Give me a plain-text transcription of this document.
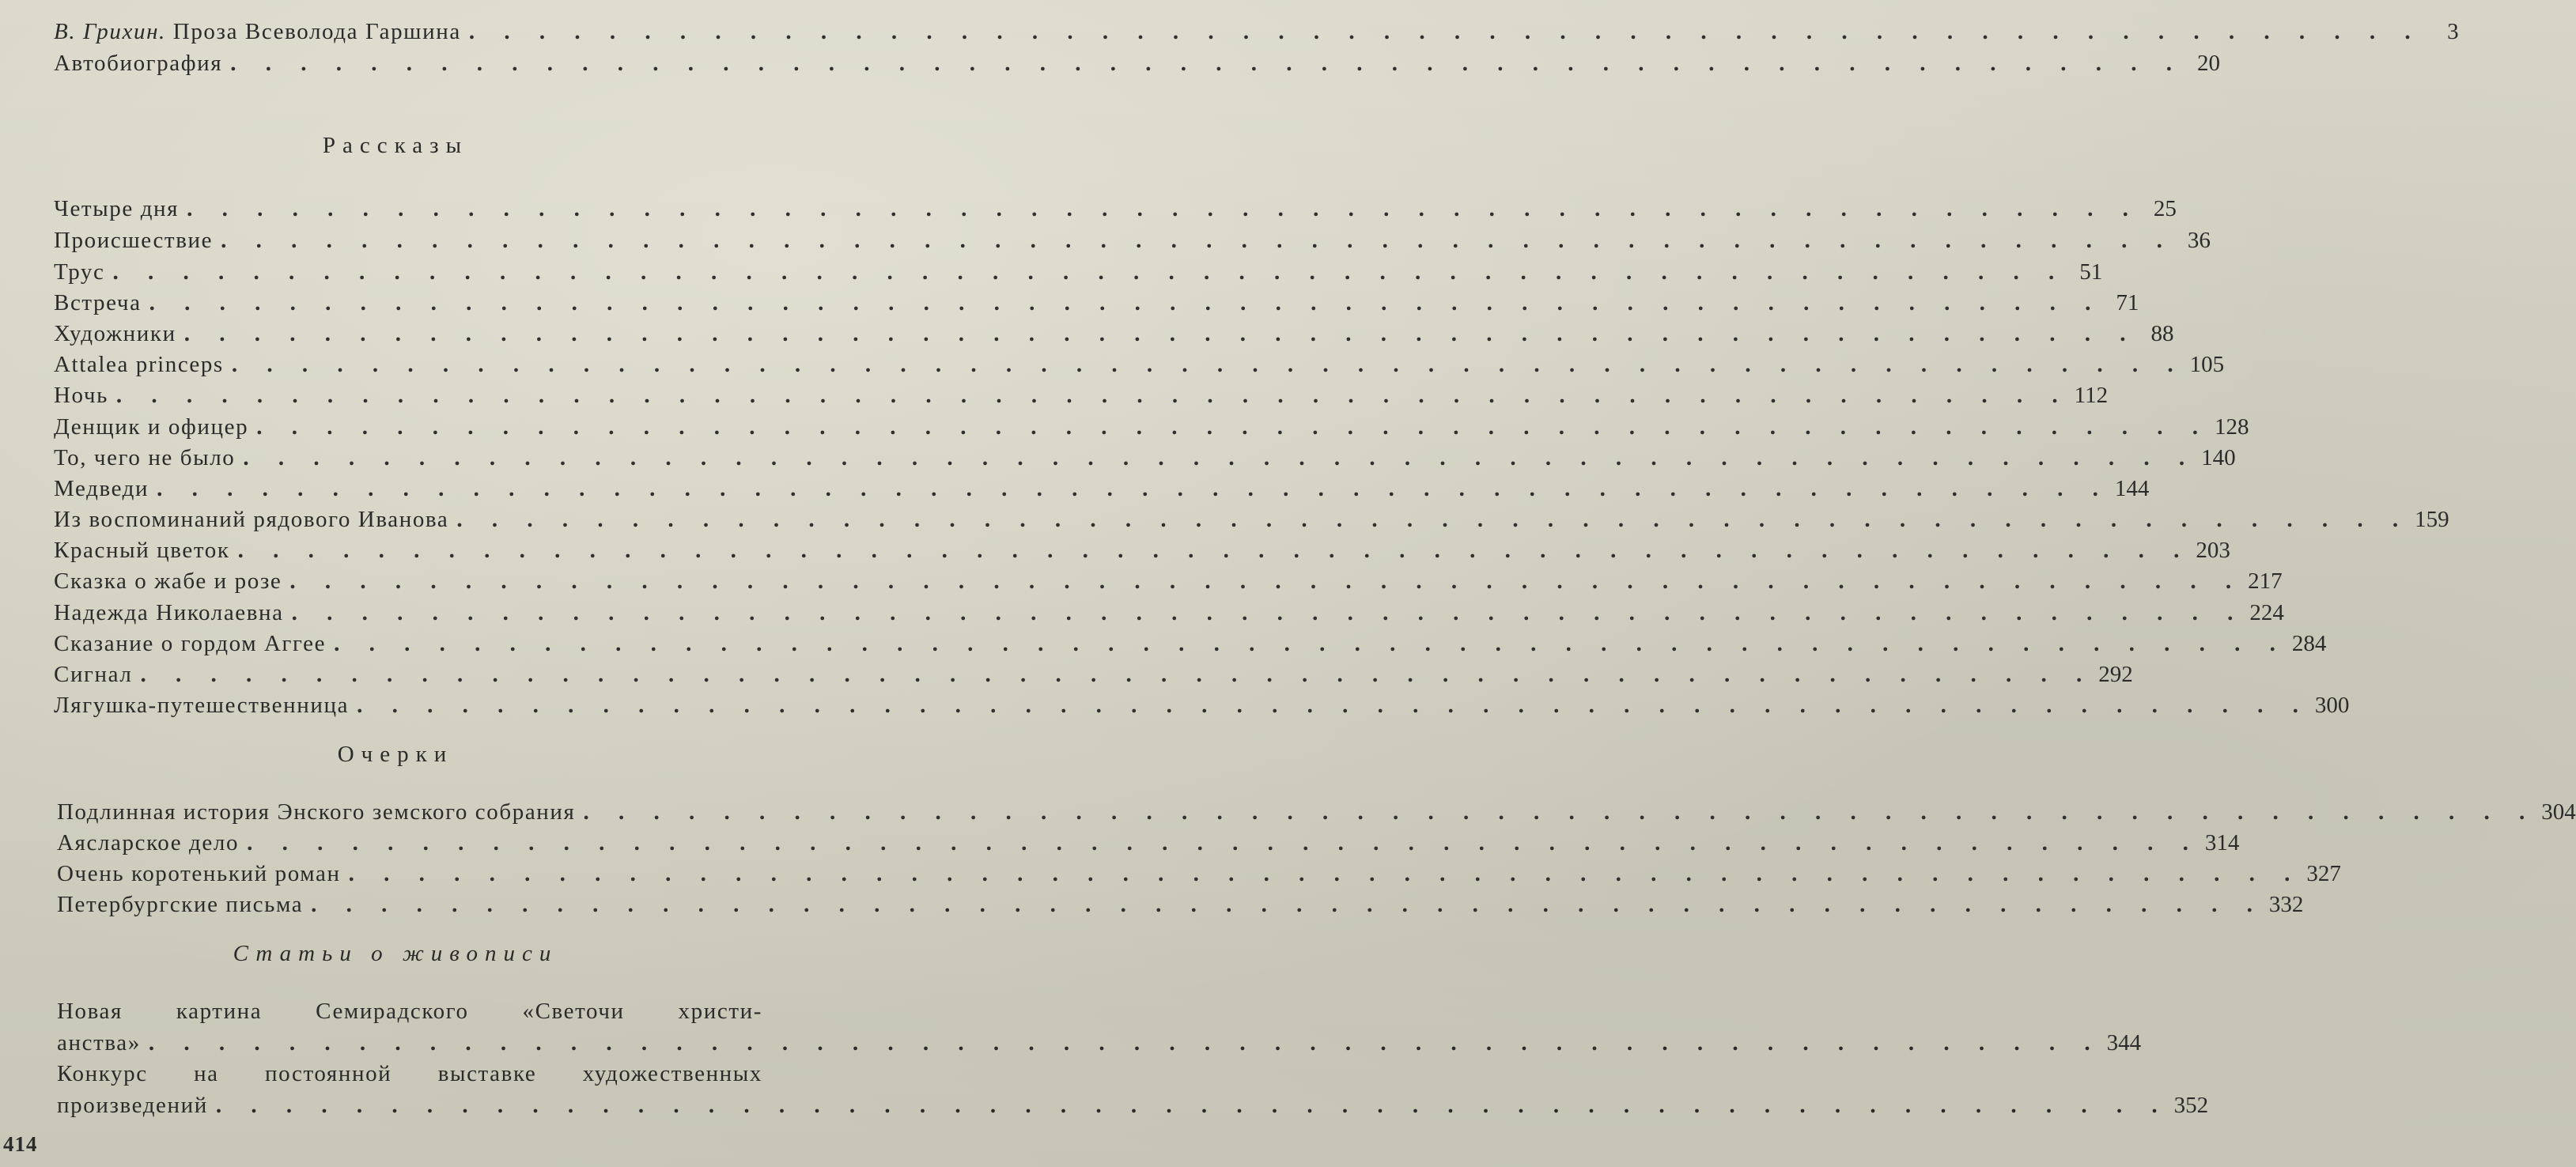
В. Грихин. Проза Всеволода Гаршина . . . . . . . . . . . . . . . . . . . . . . . . . . . . . . . . . . . . . . . . . . . . . . . . . . . . . . . .	3
Автобиография . . . . . . . . . . . . . . . . . . . . . . . . . . . . . . . . . . . . . . . . . . . . . . . . . . . . . . . . 20
Рассказы
Четыре дня . . . . . . . . . . . . . . . . . . . . . . . . . . . . . . . . . . . . . . . . . . . . . . . . . . . . . . . . 25
Происшествие . . . . . . . . . . . . . . . . . . . . . . . . . . . . . . . . . . . . . . . . . . . . . . . . . . . . . . . . 36
Трус . . . . . . . . . . . . . . . . . . . . . . . . . . . . . . . . . . . . . . . . . . . . . . . . . . . . . . . . 51
Встреча . . . . . . . . . . . . . . . . . . . . . . . . . . . . . . . . . . . . . . . . . . . . . . . . . . . . . . . . 71
Художники . . . . . . . . . . . . . . . . . . . . . . . . . . . . . . . . . . . . . . . . . . . . . . . . . . . . . . . . 88
Attalea princeps . . . . . . . . . . . . . . . . . . . . . . . . . . . . . . . . . . . . . . . . . . . . . . . . . . . . . . . . 105
Ночь . . . . . . . . . . . . . . . . . . . . . . . . . . . . . . . . . . . . . . . . . . . . . . . . . . . . . . . . 112
Денщик и офицер . . . . . . . . . . . . . . . . . . . . . . . . . . . . . . . . . . . . . . . . . . . . . . . . . . . . . . . . 128
То, чего не было . . . . . . . . . . . . . . . . . . . . . . . . . . . . . . . . . . . . . . . . . . . . . . . . . . . . . . . . 140
Медведи . . . . . . . . . . . . . . . . . . . . . . . . . . . . . . . . . . . . . . . . . . . . . . . . . . . . . . . . 144
Из воспоминаний рядового Иванова . . . . . . . . . . . . . . . . . . . . . . . . . . . . . . . . . . . . . . . . . . . . . . . . . . . . . . . . 159
Красный цветок . . . . . . . . . . . . . . . . . . . . . . . . . . . . . . . . . . . . . . . . . . . . . . . . . . . . . . . . 203
Сказка о жабе и розе . . . . . . . . . . . . . . . . . . . . . . . . . . . . . . . . . . . . . . . . . . . . . . . . . . . . . . . . 217
Надежда Николаевна . . . . . . . . . . . . . . . . . . . . . . . . . . . . . . . . . . . . . . . . . . . . . . . . . . . . . . . . 224
Сказание о гордом Аггее . . . . . . . . . . . . . . . . . . . . . . . . . . . . . . . . . . . . . . . . . . . . . . . . . . . . . . . . 284
Сигнал . . . . . . . . . . . . . . . . . . . . . . . . . . . . . . . . . . . . . . . . . . . . . . . . . . . . . . . . 292
Лягушка-путешественница . . . . . . . . . . . . . . . . . . . . . . . . . . . . . . . . . . . . . . . . . . . . . . . . . . . . . . . . 300
Очерки
Подлинная история Энского земского собрания . . . . . . . . . . . . . . . . . . . . . . . . . . . . . . . . . . . . . . . . . . . . . . . . . . . . . . . . 304
Аясларское дело . . . . . . . . . . . . . . . . . . . . . . . . . . . . . . . . . . . . . . . . . . . . . . . . . . . . . . . . 314
Очень коротенький роман . . . . . . . . . . . . . . . . . . . . . . . . . . . . . . . . . . . . . . . . . . . . . . . . . . . . . . . . 327
Петербургские письма . . . . . . . . . . . . . . . . . . . . . . . . . . . . . . . . . . . . . . . . . . . . . . . . . . . . . . . . 332
Статьи о живописи
Новая картина Семирадского «Светочи христи-
анства» . . . . . . . . . . . . . . . . . . . . . . . . . . . . . . . . . . . . . . . . . . . . . . . . . . . . . . . . 344
Конкурс на постоянной выставке художественных
произведений . . . . . . . . . . . . . . . . . . . . . . . . . . . . . . . . . . . . . . . . . . . . . . . . . . . . . . . . 352
414
